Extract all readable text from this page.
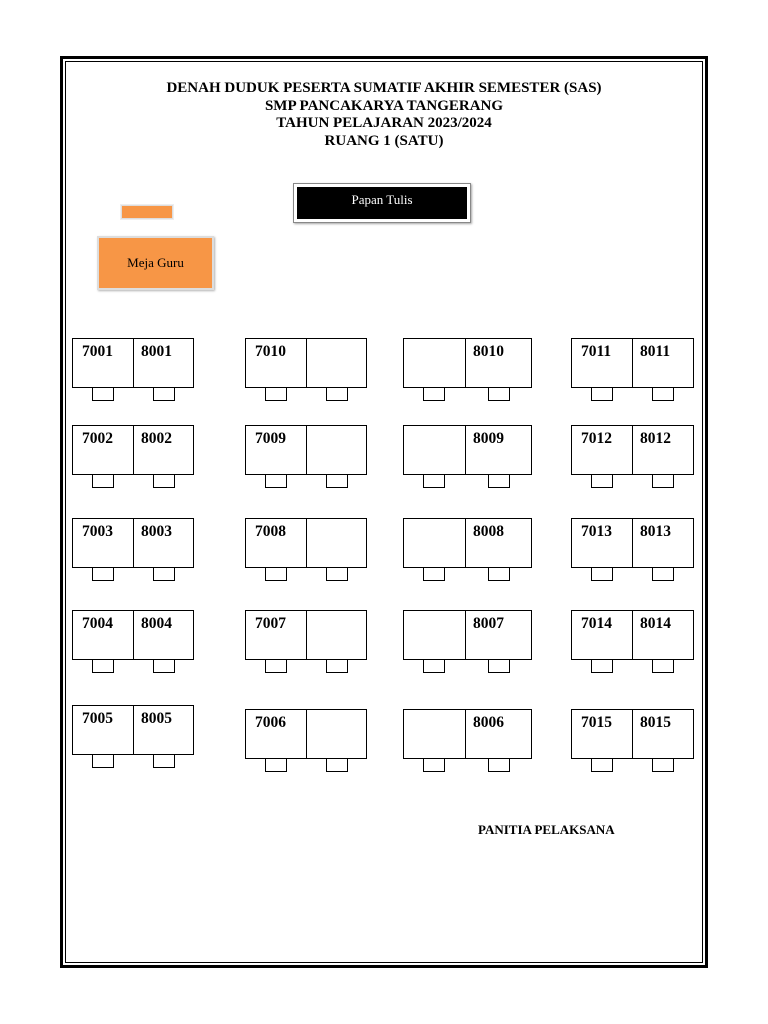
DENAH DUDUK PESERTA SUMATIF AKHIR SEMESTER (SAS)
SMP PANCAKARYA TANGERANG
TAHUN PELAJARAN 2023/2024
RUANG 1 (SATU)
Papan Tulis
Meja Guru
7001 8001	7010	8010	7011 8011
7002 8002	7009	8009	7012 8012
7003 8003	7008	8008	7013 8013
7004 8004	7007	8007	7014 8014
7005 8005	7006	8006	7015 8015
PANITIA PELAKSANA
